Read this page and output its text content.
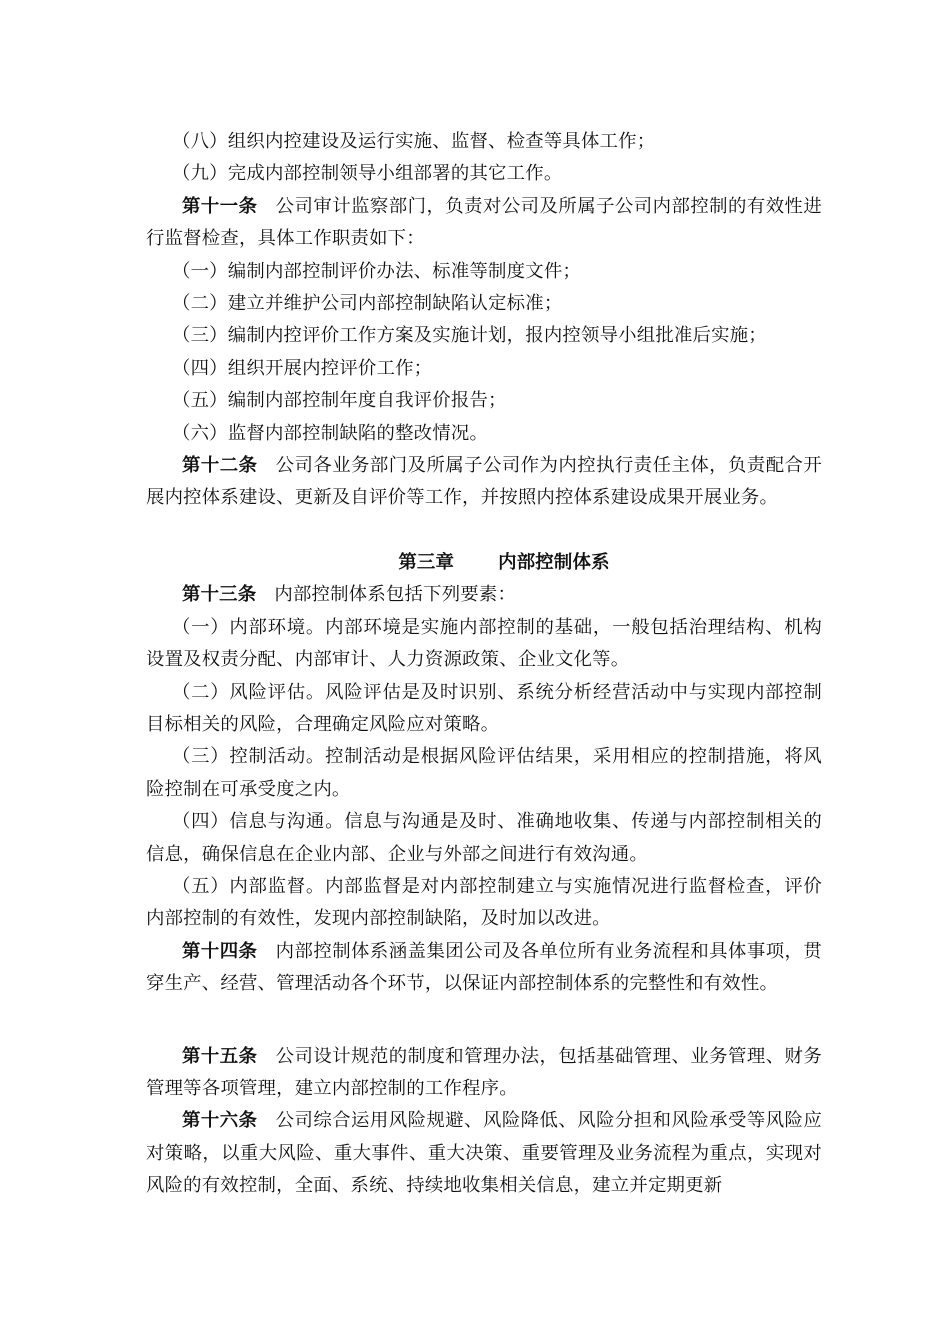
（八）组织内控建设及运行实施、监督、检查等具体工作；

（九）完成内部控制领导小组部署的其它工作。

第十一条 公司审计监察部门，负责对公司及所属子公司内部控制的有效性进行监督检查，具体工作职责如下：

（一）编制内部控制评价办法、标准等制度文件；

（二）建立并维护公司内部控制缺陷认定标准；

（三）编制内控评价工作方案及实施计划，报内控领导小组批准后实施；

（四）组织开展内控评价工作；

（五）编制内部控制年度自我评价报告；

（六）监督内部控制缺陷的整改情况。

第十二条 公司各业务部门及所属子公司作为内控执行责任主体，负责配合开展内控体系建设、更新及自评价等工作，并按照内控体系建设成果开展业务。

第三章 内部控制体系

第十三条 内部控制体系包括下列要素：

（一）内部环境。内部环境是实施内部控制的基础，一般包括治理结构、机构设置及权责分配、内部审计、人力资源政策、企业文化等。

（二）风险评估。风险评估是及时识别、系统分析经营活动中与实现内部控制目标相关的风险，合理确定风险应对策略。

（三）控制活动。控制活动是根据风险评估结果，采用相应的控制措施，将风险控制在可承受度之内。

（四）信息与沟通。信息与沟通是及时、准确地收集、传递与内部控制相关的信息，确保信息在企业内部、企业与外部之间进行有效沟通。

（五）内部监督。内部监督是对内部控制建立与实施情况进行监督检查，评价内部控制的有效性，发现内部控制缺陷，及时加以改进。

第十四条 内部控制体系涵盖集团公司及各单位所有业务流程和具体事项，贯穿生产、经营、管理活动各个环节，以保证内部控制体系的完整性和有效性。

第十五条 公司设计规范的制度和管理办法，包括基础管理、业务管理、财务管理等各项管理，建立内部控制的工作程序。

第十六条 公司综合运用风险规避、风险降低、风险分担和风险承受等风险应对策略，以重大风险、重大事件、重大决策、重要管理及业务流程为重点，实现对风险的有效控制，全面、系统、持续地收集相关信息，建立并定期更新
